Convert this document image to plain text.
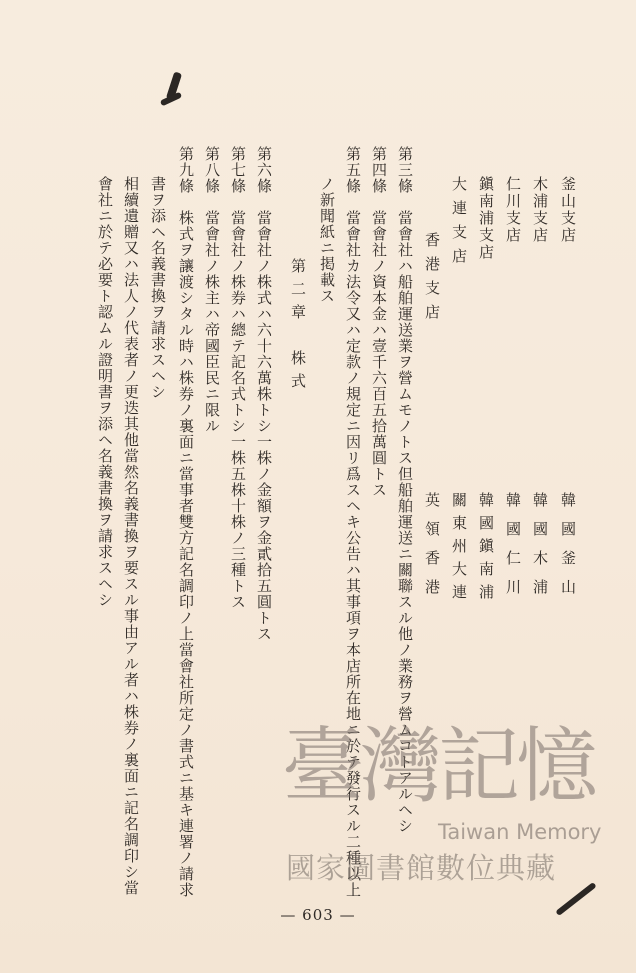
釜山支店
韓國釜山
木浦支店
韓國木浦
仁川支店
韓國仁川
鎭南浦支店
韓國鎭南浦
大連支店
關東州大連
香港支店
英領香港
第三條　當會社ハ船舶運送業ヲ營ムモノトス但船舶運送ニ關聯スル他ノ業務ヲ營ムコトアルヘシ
第四條　當會社ノ資本金ハ壹千六百五拾萬圓トス
第五條　當會社カ法令又ハ定款ノ規定ニ因リ爲スヘキ公告ハ其事項ヲ本店所在地ニ於テ發行スル二種以上
ノ新聞紙ニ掲載ス
第二章　株式
第六條　當會社ノ株式ハ六十六萬株トシ一株ノ金額ヲ金貳拾五圓トス
第七條　當會社ノ株券ハ總テ記名式トシ一株五株十株ノ三種トス
第八條　當會社ノ株主ハ帝國臣民ニ限ル
第九條　株式ヲ讓渡シタル時ハ株券ノ裏面ニ當事者雙方記名調印ノ上當會社所定ノ書式ニ基キ連署ノ請求
書ヲ添ヘ名義書換ヲ請求スヘシ
相續遺贈又ハ法人ノ代表者ノ更迭其他當然名義書換ヲ要スル事由アル者ハ株券ノ裏面ニ記名調印シ當
會社ニ於テ必要ト認ムル證明書ヲ添ヘ名義書換ヲ請求スヘシ
— 603 —
臺灣記憶
Taiwan Memory
國家圖書館數位典藏
